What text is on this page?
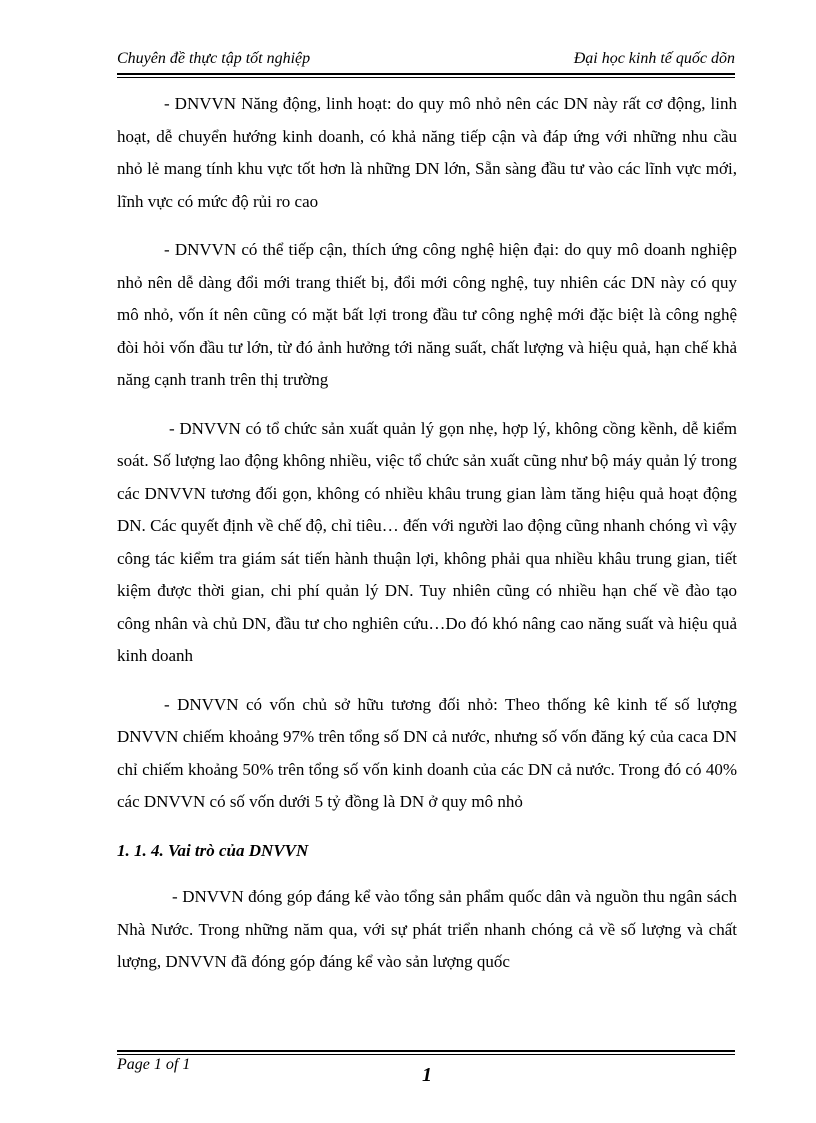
Chuyên đề thực tập tốt nghiệp	Đại học kinh tế quốc dõn

- DNVVN Năng động, linh hoạt: do quy mô nhỏ nên các DN này rất cơ động, linh hoạt, dễ chuyển hướng kinh doanh, có khả năng tiếp cận và đáp ứng với những nhu cầu nhỏ lẻ mang tính khu vực tốt hơn là những DN lớn, Sẵn sàng đầu tư vào các lĩnh vực mới, lĩnh vực có mức độ rủi ro cao

- DNVVN có thể tiếp cận, thích ứng công nghệ hiện đại: do quy mô doanh nghiệp nhỏ nên dễ dàng đổi mới trang thiết bị, đổi mới công nghệ, tuy nhiên các DN này có quy mô nhỏ, vốn ít nên cũng có mặt bất lợi trong đầu tư công nghệ mới đặc biệt là công nghệ đòi hỏi vốn đầu tư lớn, từ đó ảnh hưởng tới năng suất, chất lượng và hiệu quả, hạn chế khả năng cạnh tranh trên thị trường

- DNVVN có tổ chức sản xuất quản lý gọn nhẹ, hợp lý, không cồng kềnh, dễ kiểm soát. Số lượng lao động không nhiều, việc tổ chức sản xuất cũng như bộ máy quản lý trong các DNVVN tương đối gọn, không có nhiều khâu trung gian làm tăng hiệu quả hoạt động DN. Các quyết định về chế độ, chỉ tiêu… đến với người lao động cũng nhanh chóng vì vậy công tác kiểm tra giám sát tiến hành thuận lợi, không phải qua nhiều khâu trung gian, tiết kiệm được thời gian, chi phí quản lý DN. Tuy nhiên cũng có nhiều hạn chế về đào tạo công nhân và chủ DN, đầu tư cho nghiên cứu…Do đó khó nâng cao năng suất và hiệu quả kinh doanh

- DNVVN có vốn chủ sở hữu tương đối nhỏ: Theo thống kê kinh tế số lượng DNVVN chiếm khoảng 97% trên tổng số DN cả nước, nhưng số vốn đăng ký của caca DN chỉ chiếm khoảng 50% trên tổng số vốn kinh doanh của các DN cả nước. Trong đó có 40% các DNVVN có số vốn dưới 5 tỷ đồng là DN ở quy mô nhỏ

1. 1. 4. Vai trò của DNVVN

- DNVVN đóng góp đáng kể vào tổng sản phẩm quốc dân và nguồn thu ngân sách Nhà Nước. Trong những năm qua, với sự phát triển nhanh chóng cả về số lượng và chất lượng, DNVVN đã đóng góp đáng kể vào sản lượng quốc

Page 1 of 1	1
